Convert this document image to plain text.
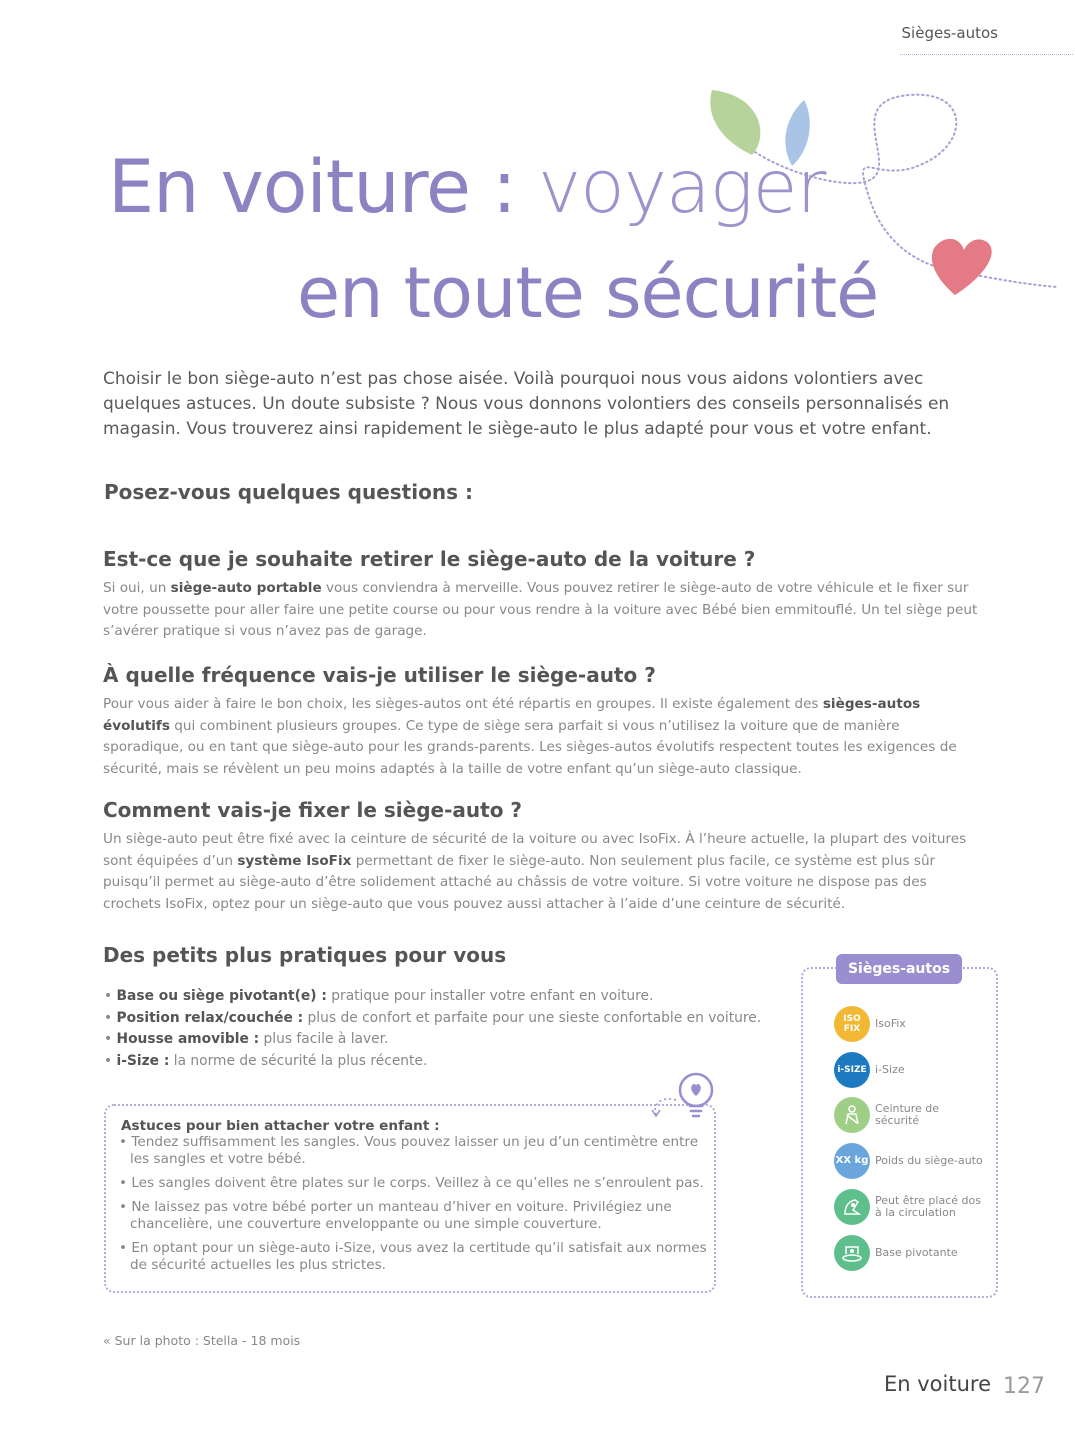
Sièges-autos
En voiture : voyager
en toute sécurité

Choisir le bon siège-auto n’est pas chose aisée. Voilà pourquoi nous vous aidons volontiers avec quelques astuces. Un doute subsiste ? Nous vous donnons volontiers des conseils personnalisés en magasin. Vous trouverez ainsi rapidement le siège-auto le plus adapté pour vous et votre enfant.

Posez-vous quelques questions :
Est-ce que je souhaite retirer le siège-auto de la voiture ?

Si oui, un siège-auto portable vous conviendra à merveille. Vous pouvez retirer le siège-auto de votre véhicule et le fixer sur votre poussette pour aller faire une petite course ou pour vous rendre à la voiture avec Bébé bien emmitouflé. Un tel siège peut s’avérer pratique si vous n’avez pas de garage.

À quelle fréquence vais-je utiliser le siège-auto ?

Pour vous aider à faire le bon choix, les sièges-autos ont été répartis en groupes. Il existe également des sièges-autos évolutifs qui combinent plusieurs groupes. Ce type de siège sera parfait si vous n’utilisez la voiture que de manière sporadique, ou en tant que siège-auto pour les grands-parents. Les sièges-autos évolutifs respectent toutes les exigences de sécurité, mais se révèlent un peu moins adaptés à la taille de votre enfant qu’un siège-auto classique.

Comment vais-je fixer le siège-auto ?

Un siège-auto peut être fixé avec la ceinture de sécurité de la voiture ou avec IsoFix. À l’heure actuelle, la plupart des voitures sont équipées d’un système IsoFix permettant de fixer le siège-auto. Non seulement plus facile, ce système est plus sûr puisqu’il permet au siège-auto d’être solidement attaché au châssis de votre voiture. Si votre voiture ne dispose pas des crochets IsoFix, optez pour un siège-auto que vous pouvez aussi attacher à l’aide d’une ceinture de sécurité.

Des petits plus pratiques pour vous
• Base ou siège pivotant(e) : pratique pour installer votre enfant en voiture.
• Position relax/couchée : plus de confort et parfaite pour une sieste confortable en voiture.
• Housse amovible : plus facile à laver.
• i-Size : la norme de sécurité la plus récente.
Astuces pour bien attacher votre enfant :
• Tendez suffisamment les sangles. Vous pouvez laisser un jeu d’un centimètre entre les sangles et votre bébé.
• Les sangles doivent être plates sur le corps. Veillez à ce qu’elles ne s’enroulent pas.
• Ne laissez pas votre bébé porter un manteau d’hiver en voiture. Privilégiez une chancelière, une couverture enveloppante ou une simple couverture.
• En optant pour un siège-auto i-Size, vous avez la certitude qu’il satisfait aux normes de sécurité actuelles les plus strictes.
Sièges-autos
ISO FIX	IsoFix
i-SIZE i-Size
Ceinture de sécurité
XX kg Poids du siège-auto
Peut être placé dos à la circulation
Base pivotante
« Sur la photo : Stella - 18 mois
En voiture 127
